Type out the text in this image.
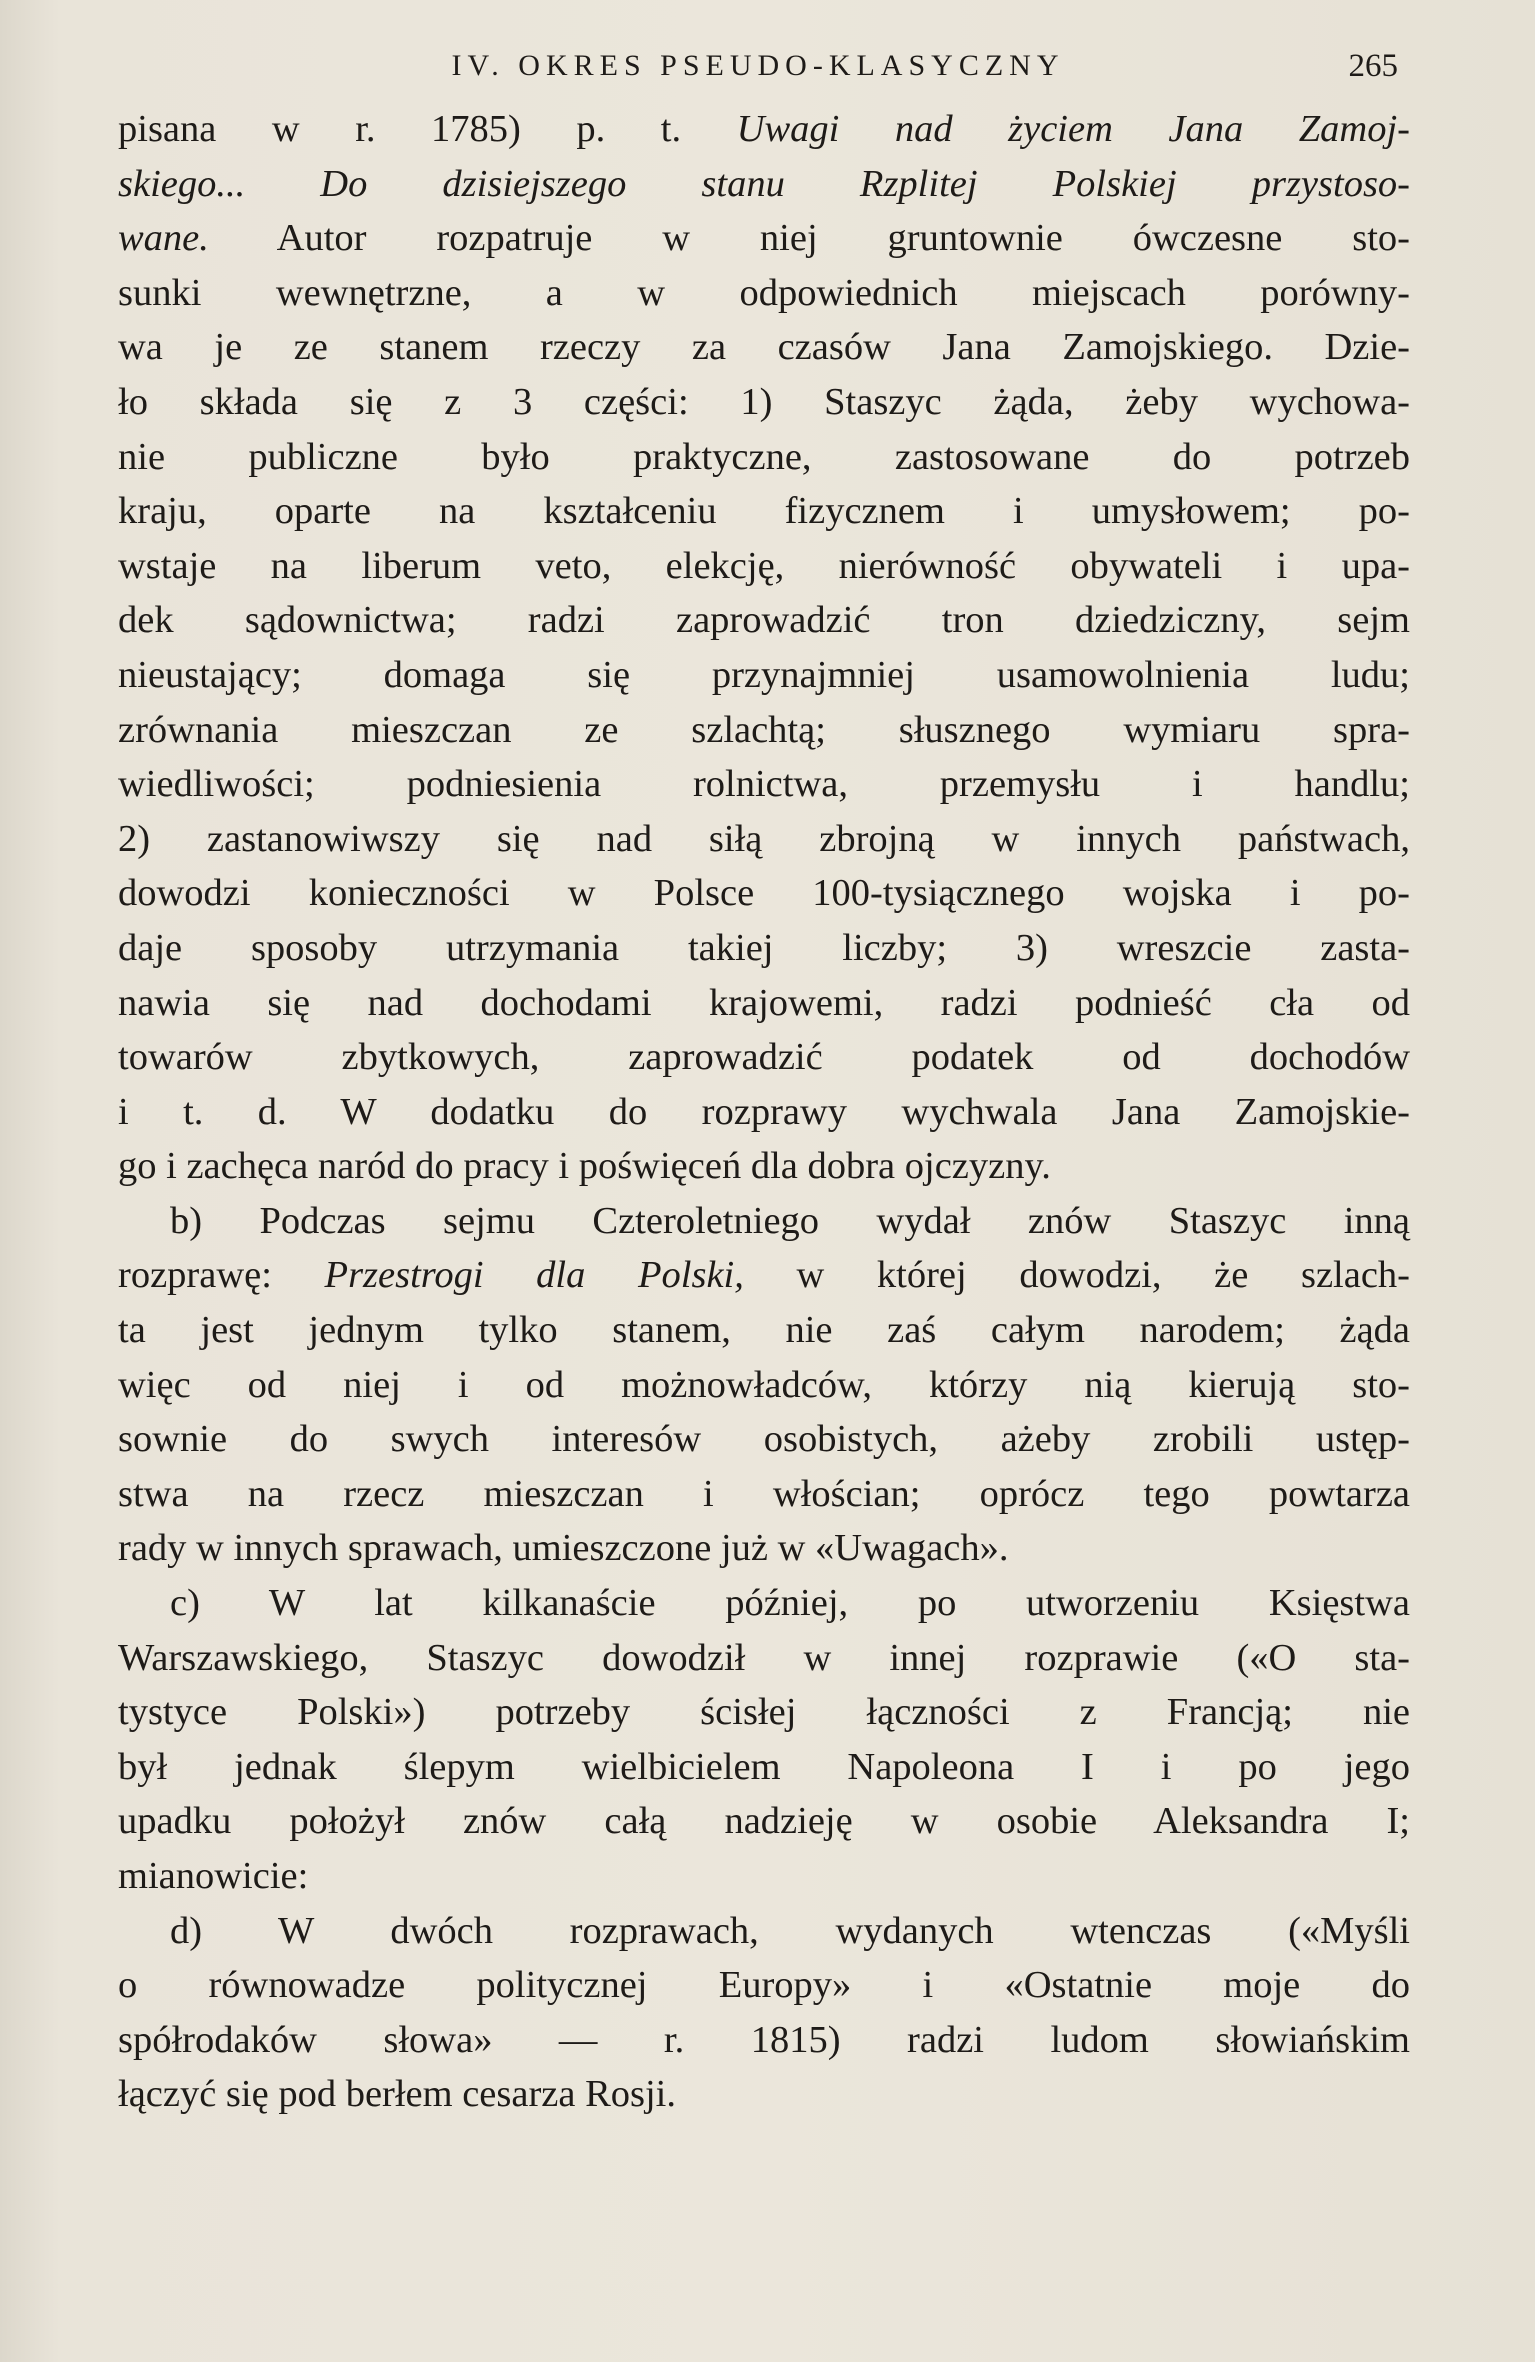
IV. OKRES PSEUDO-KLASYCZNY	265
pisana w r. 1785) p. t. Uwagi nad życiem Jana Zamoj-
skiego... Do dzisiejszego stanu Rzplitej Polskiej przystoso-
wane. Autor rozpatruje w niej gruntownie ówczesne sto-
sunki wewnętrzne, a w odpowiednich miejscach porówny-
wa je ze stanem rzeczy za czasów Jana Zamojskiego. Dzie-
ło składa się z 3 części: 1) Staszyc żąda, żeby wychowa-
nie publiczne było praktyczne, zastosowane do potrzeb
kraju, oparte na kształceniu fizycznem i umysłowem; po-
wstaje na liberum veto, elekcję, nierówność obywateli i upa-
dek sądownictwa; radzi zaprowadzić tron dziedziczny, sejm
nieustający; domaga się przynajmniej usamowolnienia ludu;
zrównania mieszczan ze szlachtą; słusznego wymiaru spra-
wiedliwości; podniesienia rolnictwa, przemysłu i handlu;
2) zastanowiwszy się nad siłą zbrojną w innych państwach,
dowodzi konieczności w Polsce 100-tysiącznego wojska i po-
daje sposoby utrzymania takiej liczby; 3) wreszcie zasta-
nawia się nad dochodami krajowemi, radzi podnieść cła od
towarów zbytkowych, zaprowadzić podatek od dochodów
i t. d. W dodatku do rozprawy wychwala Jana Zamojskie-
go i zachęca naród do pracy i poświęceń dla dobra ojczyzny.
b) Podczas sejmu Czteroletniego wydał znów Staszyc inną
rozprawę: Przestrogi dla Polski, w której dowodzi, że szlach-
ta jest jednym tylko stanem, nie zaś całym narodem; żąda
więc od niej i od możnowładców, którzy nią kierują sto-
sownie do swych interesów osobistych, ażeby zrobili ustęp-
stwa na rzecz mieszczan i włościan; oprócz tego powtarza
rady w innych sprawach, umieszczone już w «Uwagach».
c) W lat kilkanaście później, po utworzeniu Księstwa
Warszawskiego, Staszyc dowodził w innej rozprawie («O sta-
tystyce Polski») potrzeby ścisłej łączności z Francją; nie
był jednak ślepym wielbicielem Napoleona I i po jego
upadku położył znów całą nadzieję w osobie Aleksandra I;
mianowicie:
d) W dwóch rozprawach, wydanych wtenczas («Myśli
o równowadze politycznej Europy» i «Ostatnie moje do
spółrodaków słowa» — r. 1815) radzi ludom słowiańskim
łączyć się pod berłem cesarza Rosji.
